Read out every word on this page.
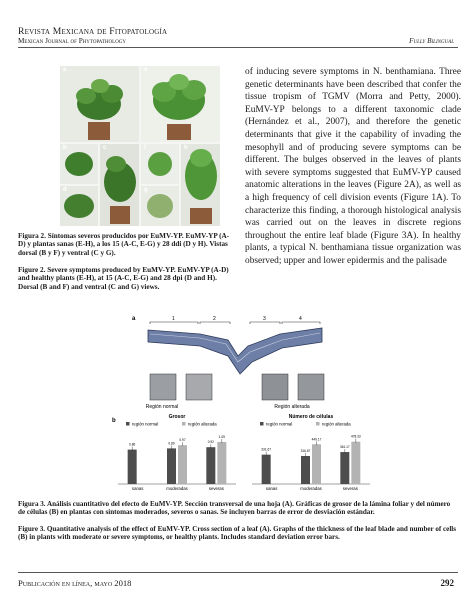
Revista Mexicana de Fitopatología
Mexican Journal of Phytopathology	Fully Bilingual
a	e
b	c	f	h
d	g
Figura 2. Síntomas severos producidos por EuMV-YP. EuMV-YP (A-D) y plantas sanas (E-H), a los 15 (A-C, E-G) y 28 ddi (D y H). Vistas dorsal (B y F) y ventral (C y G).
Figure 2. Severe symptoms produced by EuMV-YP. EuMV-YP (A-D) and healthy plants (E-H), at 15 (A-C, E-G) and 28 dpi (D and H). Dorsal (B and F) and ventral (C and G) views.

of inducing severe symptoms in N. benthamiana. Three genetic determinants have been described that confer the tissue tropism of TGMV (Morra and Petty, 2000). EuMV-YP belongs to a different taxonomic clade (Hernández et al., 2007), and therefore the genetic determinants that give it the capability of invading the mesophyll and of producing severe symptoms can be different. The bulges observed in the leaves of plants with severe symptoms suggested that EuMV-YP caused anatomic alterations in the leaves (Figure 2A), as well as a high frequency of cell division events (Figure 1A). To characterize this finding, a thorough histological analysis was carried out on the leaves in discrete regions throughout the entire leaf blade (Figure 3A). In healthy plants, a typical N. benthamiana tissue organization was observed; upper and lower epidermis and the palisade

a	1	2	3	4
Región normal	Región alterada
b
Grosor
región normal	región alterada
0.86
sanas
0.89
0.97
moderadas
0.92
1.05
severas
Número de células
región normal	región alterada
331.67
sanas
316.67
449.17
moderadas
361.17
478.33
severas
Figura 3. Análisis cuantitativo del efecto de EuMV-YP. Sección transversal de una hoja (A). Gráficas de grosor de la lámina foliar y del número de células (B) en plantas con síntomas moderados, severos o sanas. Se incluyen barras de error de desviación estándar.
Figure 3. Quantitative analysis of the effect of EuMV-YP. Cross section of a leaf (A). Graphs of the thickness of the leaf blade and number of cells (B) in plants with moderate or severe symptoms, or healthy plants. Includes standard deviation error bars.
Publicación en línea, mayo 2018	292
